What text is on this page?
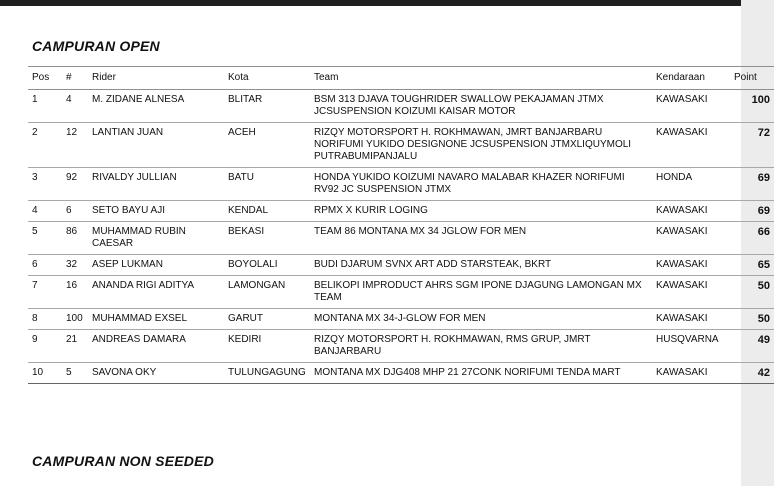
CAMPURAN OPEN
Pos	#	Rider	Kota	Team	Kendaraan	Point
1	4	M. ZIDANE ALNESA	BLITAR	BSM 313 DJAVA TOUGHRIDER SWALLOW PEKAJAMAN JTMX JCSUSPENSION KOIZUMI KAISAR MOTOR	KAWASAKI	100
2	12	LANTIAN JUAN	ACEH	RIZQY MOTORSPORT H. ROKHMAWAN, JMRT BANJARBARU NORIFUMI YUKIDO DESIGNONE JCSUSPENSION JTMXLIQUYMOLI PUTRABUMIPANJALU	KAWASAKI	72
3	92	RIVALDY JULLIAN	BATU	HONDA YUKIDO KOIZUMI NAVARO MALABAR KHAZER NORIFUMI RV92 JC SUSPENSION JTMX	HONDA	69
4	6	SETO BAYU AJI	KENDAL	RPMX X KURIR LOGING	KAWASAKI	69
5	86	MUHAMMAD RUBIN CAESAR	BEKASI	TEAM 86 MONTANA MX 34 JGLOW FOR MEN	KAWASAKI	66
6	32	ASEP LUKMAN	BOYOLALI	BUDI DJARUM SVNX ART ADD STARSTEAK, BKRT	KAWASAKI	65
7	16	ANANDA RIGI ADITYA	LAMONGAN	BELIKOPI IMPRODUCT AHRS SGM IPONE DJAGUNG LAMONGAN MX TEAM	KAWASAKI	50
8	100	MUHAMMAD EXSEL	GARUT	MONTANA MX 34-J-GLOW FOR MEN	KAWASAKI	50
9	21	ANDREAS DAMARA	KEDIRI	RIZQY MOTORSPORT H. ROKHMAWAN, RMS GRUP, JMRT BANJARBARU	HUSQVARNA	49
10	5	SAVONA OKY	TULUNGAGUNG	MONTANA MX DJG408 MHP 21 27CONK NORIFUMI TENDA MART	KAWASAKI	42
CAMPURAN NON SEEDED
